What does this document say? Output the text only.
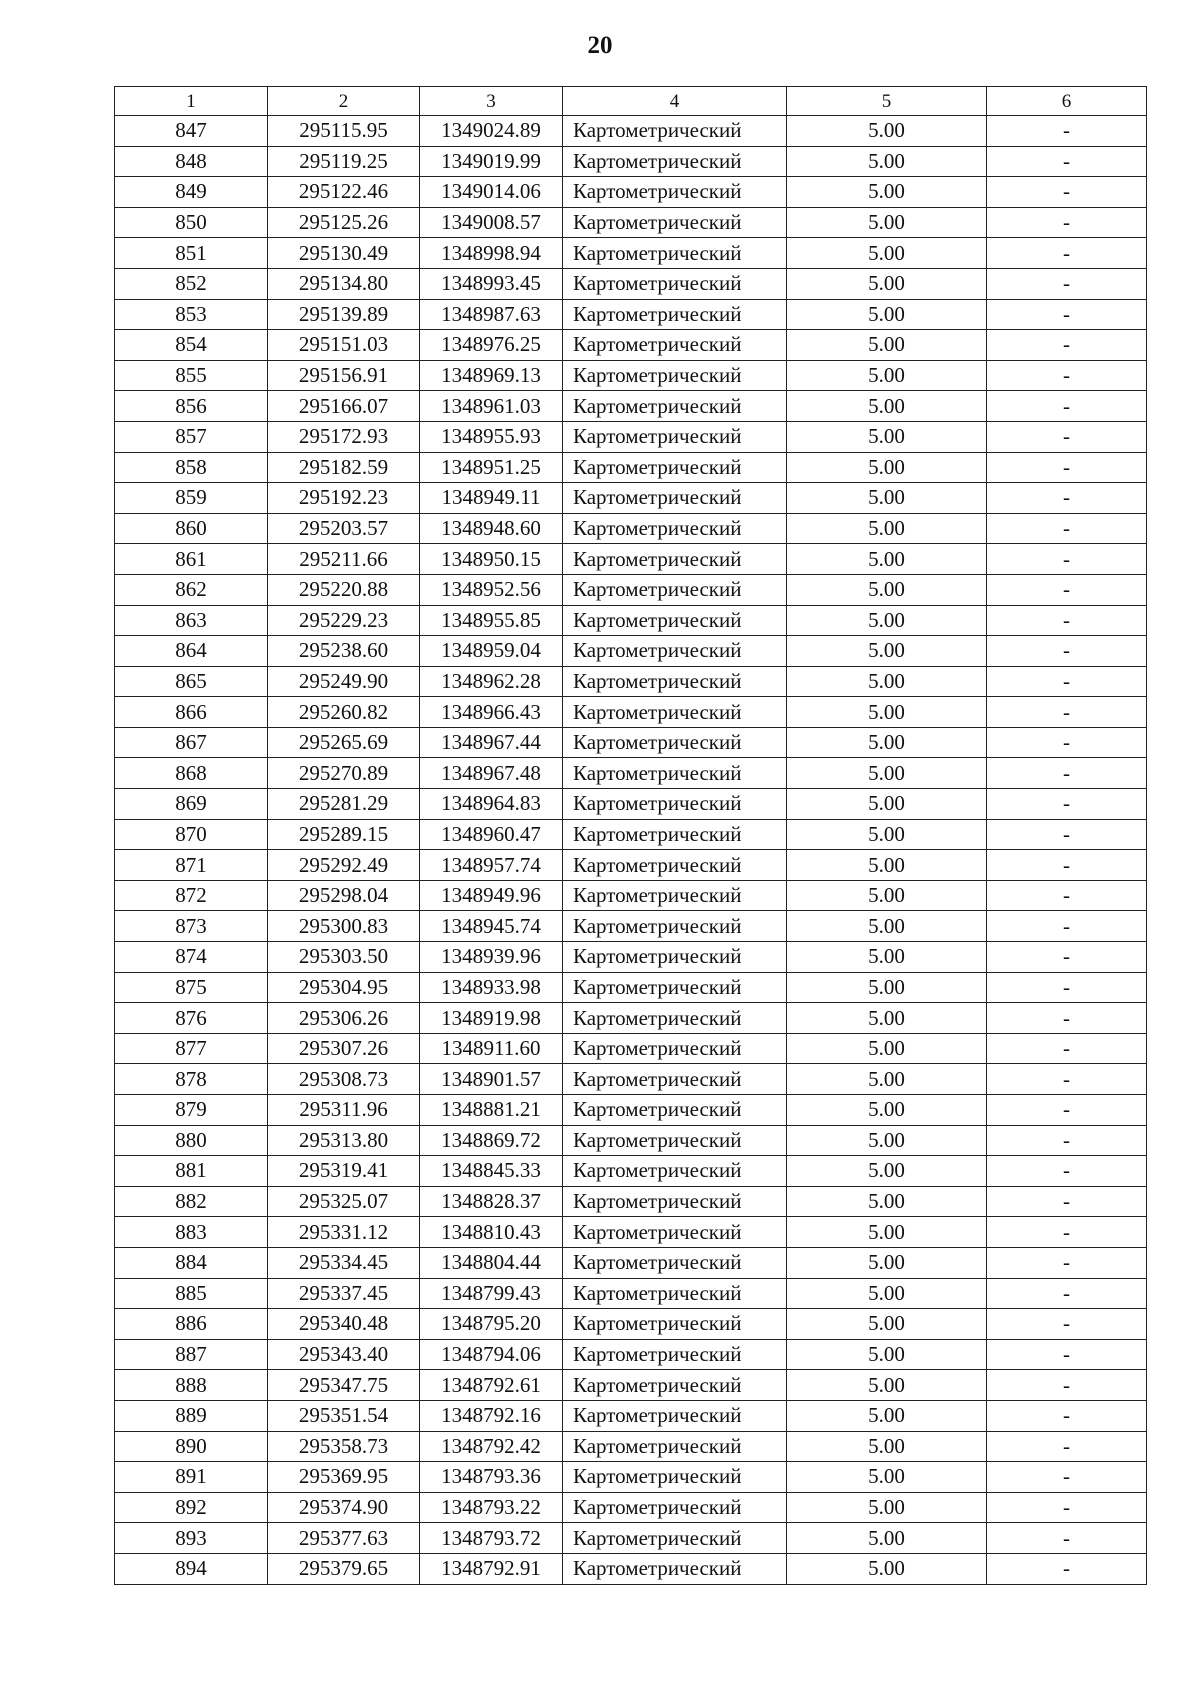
20
1	2	3	4	5	6
847	295115.95	1349024.89	Картометрический	5.00	-
848	295119.25	1349019.99	Картометрический	5.00	-
849	295122.46	1349014.06	Картометрический	5.00	-
850	295125.26	1349008.57	Картометрический	5.00	-
851	295130.49	1348998.94	Картометрический	5.00	-
852	295134.80	1348993.45	Картометрический	5.00	-
853	295139.89	1348987.63	Картометрический	5.00	-
854	295151.03	1348976.25	Картометрический	5.00	-
855	295156.91	1348969.13	Картометрический	5.00	-
856	295166.07	1348961.03	Картометрический	5.00	-
857	295172.93	1348955.93	Картометрический	5.00	-
858	295182.59	1348951.25	Картометрический	5.00	-
859	295192.23	1348949.11	Картометрический	5.00	-
860	295203.57	1348948.60	Картометрический	5.00	-
861	295211.66	1348950.15	Картометрический	5.00	-
862	295220.88	1348952.56	Картометрический	5.00	-
863	295229.23	1348955.85	Картометрический	5.00	-
864	295238.60	1348959.04	Картометрический	5.00	-
865	295249.90	1348962.28	Картометрический	5.00	-
866	295260.82	1348966.43	Картометрический	5.00	-
867	295265.69	1348967.44	Картометрический	5.00	-
868	295270.89	1348967.48	Картометрический	5.00	-
869	295281.29	1348964.83	Картометрический	5.00	-
870	295289.15	1348960.47	Картометрический	5.00	-
871	295292.49	1348957.74	Картометрический	5.00	-
872	295298.04	1348949.96	Картометрический	5.00	-
873	295300.83	1348945.74	Картометрический	5.00	-
874	295303.50	1348939.96	Картометрический	5.00	-
875	295304.95	1348933.98	Картометрический	5.00	-
876	295306.26	1348919.98	Картометрический	5.00	-
877	295307.26	1348911.60	Картометрический	5.00	-
878	295308.73	1348901.57	Картометрический	5.00	-
879	295311.96	1348881.21	Картометрический	5.00	-
880	295313.80	1348869.72	Картометрический	5.00	-
881	295319.41	1348845.33	Картометрический	5.00	-
882	295325.07	1348828.37	Картометрический	5.00	-
883	295331.12	1348810.43	Картометрический	5.00	-
884	295334.45	1348804.44	Картометрический	5.00	-
885	295337.45	1348799.43	Картометрический	5.00	-
886	295340.48	1348795.20	Картометрический	5.00	-
887	295343.40	1348794.06	Картометрический	5.00	-
888	295347.75	1348792.61	Картометрический	5.00	-
889	295351.54	1348792.16	Картометрический	5.00	-
890	295358.73	1348792.42	Картометрический	5.00	-
891	295369.95	1348793.36	Картометрический	5.00	-
892	295374.90	1348793.22	Картометрический	5.00	-
893	295377.63	1348793.72	Картометрический	5.00	-
894	295379.65	1348792.91	Картометрический	5.00	-
